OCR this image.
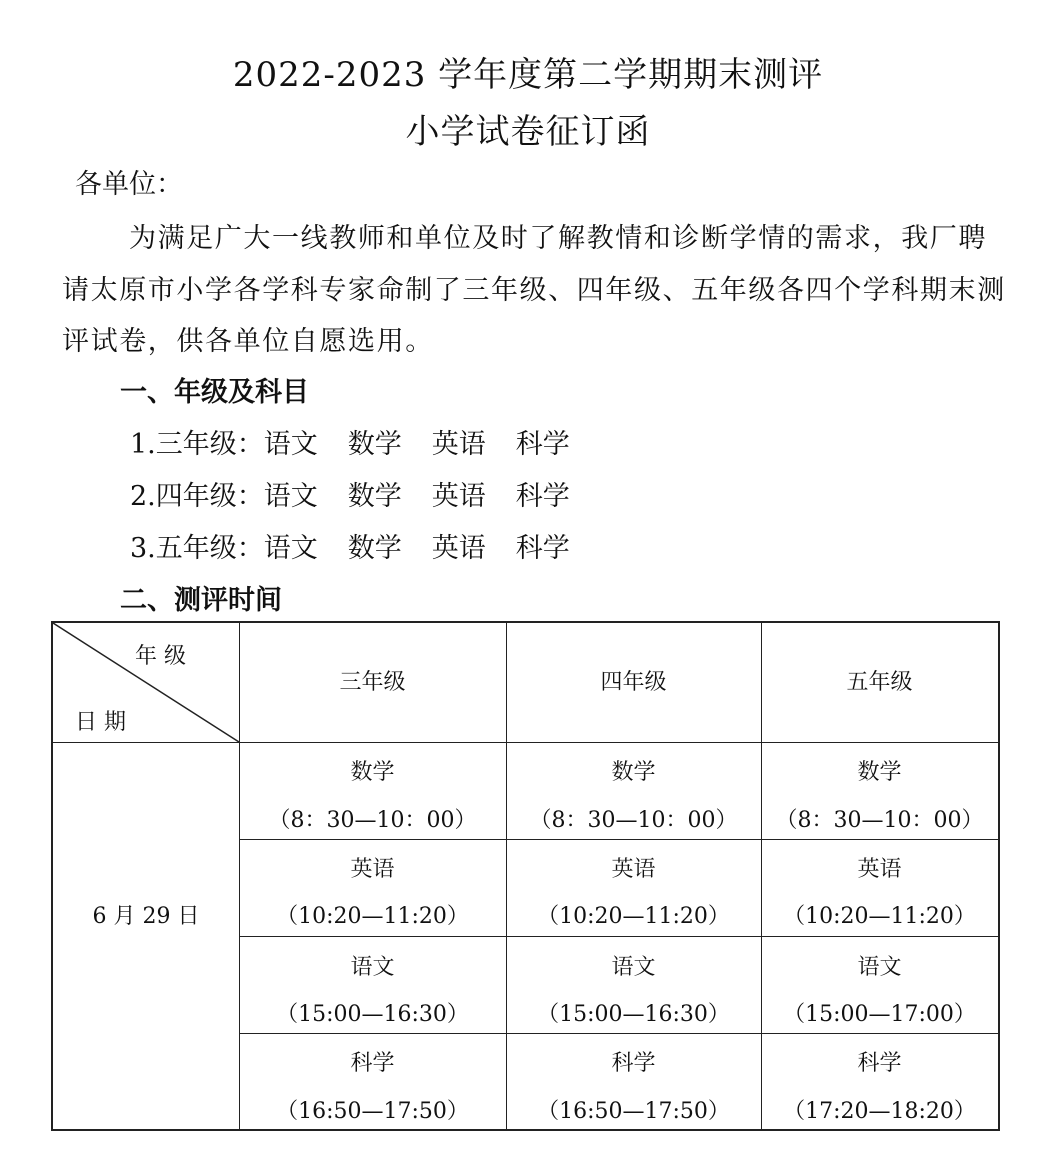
2022-2023 学年度第二学期期末测评
小学试卷征订函
各单位：
为满足广大一线教师和单位及时了解教情和诊断学情的需求，我厂聘
请太原市小学各学科专家命制了三年级、四年级、五年级各四个学科期末测
评试卷，供各单位自愿选用。
一、年级及科目
1.三年级：语文 数学 英语 科学
2.四年级：语文 数学 英语 科学
3.五年级：语文 数学 英语 科学
二、测评时间
年 级
日 期
三年级	四年级	五年级
6 月 29 日
数学
（8：30—10：00）
数学
（8：30—10：00）
数学
（8：30—10：00）
英语
（10:20—11:20）
英语
（10:20—11:20）
英语
（10:20—11:20）
语文
（15:00—16:30）
语文
（15:00—16:30）
语文
（15:00—17:00）
科学
（16:50—17:50）
科学
（16:50—17:50）
科学
（17:20—18:20）
